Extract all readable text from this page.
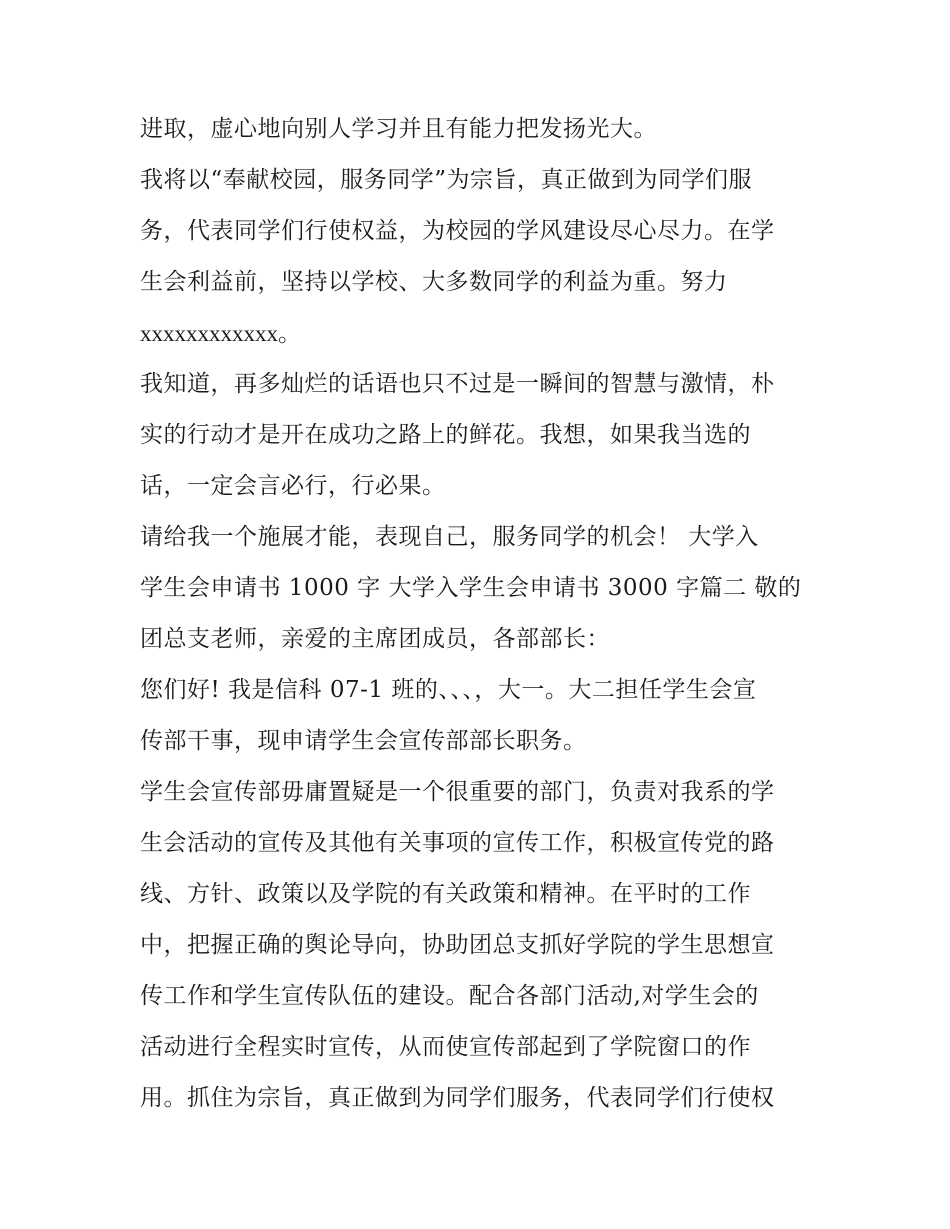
进取，虚心地向别人学习并且有能力把发扬光大。
我将以“奉献校园，服务同学”为宗旨，真正做到为同学们服
务，代表同学们行使权益，为校园的学风建设尽心尽力。在学
生会利益前，坚持以学校、大多数同学的利益为重。努力
xxxxxxxxxxxx。
我知道，再多灿烂的话语也只不过是一瞬间的智慧与激情，朴
实的行动才是开在成功之路上的鲜花。我想，如果我当选的
话，一定会言必行，行必果。
请给我一个施展才能，表现自己，服务同学的机会！ 大学入
学生会申请书 1000 字 大学入学生会申请书 3000 字篇二 敬的
团总支老师，亲爱的主席团成员，各部部长：
您们好! 我是信科 07-1 班的、、、，大一。大二担任学生会宣
传部干事，现申请学生会宣传部部长职务。
学生会宣传部毋庸置疑是一个很重要的部门，负责对我系的学
生会活动的宣传及其他有关事项的宣传工作，积极宣传党的路
线、方针、政策以及学院的有关政策和精神。在平时的工作
中，把握正确的舆论导向，协助团总支抓好学院的学生思想宣
传工作和学生宣传队伍的建设。配合各部门活动,对学生会的
活动进行全程实时宣传，从而使宣传部起到了学院窗口的作
用。抓住为宗旨，真正做到为同学们服务，代表同学们行使权
